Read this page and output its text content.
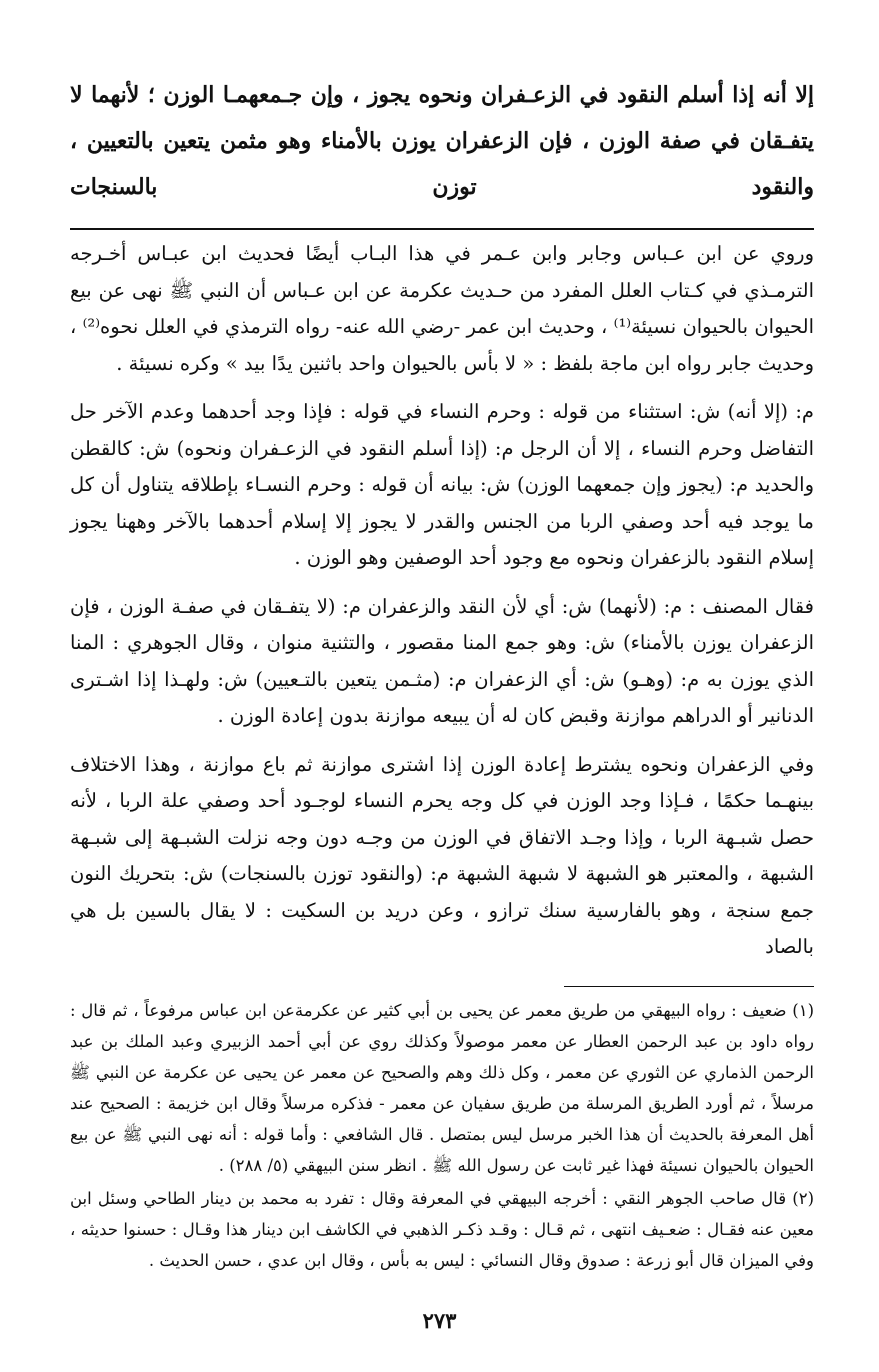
إلا أنه إذا أسلم النقود في الزعـفران ونحوه يجوز ، وإن جـمعهمـا الوزن ؛ لأنهما لا يتفـقان في صفة الوزن ، فإن الزعفران يوزن بالأمناء وهو مثمن يتعين بالتعيين ، والنقود توزن بالسنجات

وروي عن ابن عـباس وجابر وابن عـمر في هذا البـاب أيضًا فحديث ابن عبـاس أخـرجه الترمـذي في كـتاب العلل المفرد من حـديث عكرمة عن ابن عـباس أن النبي ﷺ نهى عن بيع الحيوان بالحيوان نسيئة⁽¹⁾ ، وحديث ابن عمر -رضي الله عنه- رواه الترمذي في العلل نحوه⁽²⁾ ، وحديث جابر رواه ابن ماجة بلفظ : « لا بأس بالحيوان واحد باثنين يدًا بيد » وكره نسيئة .

م: (إلا أنه) ش: استثناء من قوله : وحرم النساء في قوله : فإذا وجد أحدهما وعدم الآخر حل التفاضل وحرم النساء ، إلا أن الرجل م: (إذا أسلم النقود في الزعـفران ونحوه) ش: كالقطن والحديد م: (يجوز وإن جمعهما الوزن) ش: بيانه أن قوله : وحرم النسـاء بإطلاقه يتناول أن كل ما يوجد فيه أحد وصفي الربا من الجنس والقدر لا يجوز إلا إسلام أحدهما بالآخر وههنا يجوز إسلام النقود بالزعفران ونحوه مع وجود أحد الوصفين وهو الوزن .

فقال المصنف : م: (لأنهما) ش: أي لأن النقد والزعفران م: (لا يتفـقان في صفـة الوزن ، فإن الزعفران يوزن بالأمناء) ش: وهو جمع المنا مقصور ، والتثنية منوان ، وقال الجوهري : المنا الذي يوزن به م: (وهـو) ش: أي الزعفران م: (مثـمن يتعين بالتـعيين) ش: ولهـذا إذا اشـترى الدنانير أو الدراهم موازنة وقبض كان له أن يبيعه موازنة بدون إعادة الوزن .

وفي الزعفران ونحوه يشترط إعادة الوزن إذا اشترى موازنة ثم باع موازنة ، وهذا الاختلاف بينهـما حكمًا ، فـإذا وجد الوزن في كل وجه يحرم النساء لوجـود أحد وصفي علة الربا ، لأنه حصل شبـهة الربا ، وإذا وجـد الاتفاق في الوزن من وجـه دون وجه نزلت الشبـهة إلى شبـهة الشبهة ، والمعتبر هو الشبهة لا شبهة الشبهة م: (والنقود توزن بالسنجات) ش: بتحريك النون جمع سنجة ، وهو بالفارسية سنك ترازو ، وعن دريد بن السكيت : لا يقال بالسين بل هي بالصاد

(١) ضعيف : رواه البيهقي من طريق معمر عن يحيى بن أبي كثير عن عكرمةعن ابن عباس مرفوعاً ، ثم قال : رواه داود بن عبد الرحمن العطار عن معمر موصولاً وكذلك روي عن أبي أحمد الزبيري وعبد الملك بن عبد الرحمن الذماري عن الثوري عن معمر ، وكل ذلك وهم والصحيح عن معمر عن يحيى عن عكرمة عن النبي ﷺ مرسلاً ، ثم أورد الطريق المرسلة من طريق سفيان عن معمر - فذكره مرسلاً وقال ابن خزيمة : الصحيح عند أهل المعرفة بالحديث أن هذا الخبر مرسل ليس بمتصل . قال الشافعي : وأما قوله : أنه نهى النبي ﷺ عن بيع الحيوان بالحيوان نسيئة فهذا غير ثابت عن رسول الله ﷺ . انظر سنن البيهقي (٥/ ٢٨٨) .

(٢) قال صاحب الجوهر النقي : أخرجه البيهقي في المعرفة وقال : تفرد به محمد بن دينار الطاحي وسئل ابن معين عنه فقـال : ضعـيف انتهى ، ثم قـال : وقـد ذكـر الذهبي في الكاشف ابن دينار هذا وقـال : حسنوا حديثه ، وفي الميزان قال أبو زرعة : صدوق وقال النسائي : ليس به بأس ، وقال ابن عدي ، حسن الحديث .

٢٧٣
